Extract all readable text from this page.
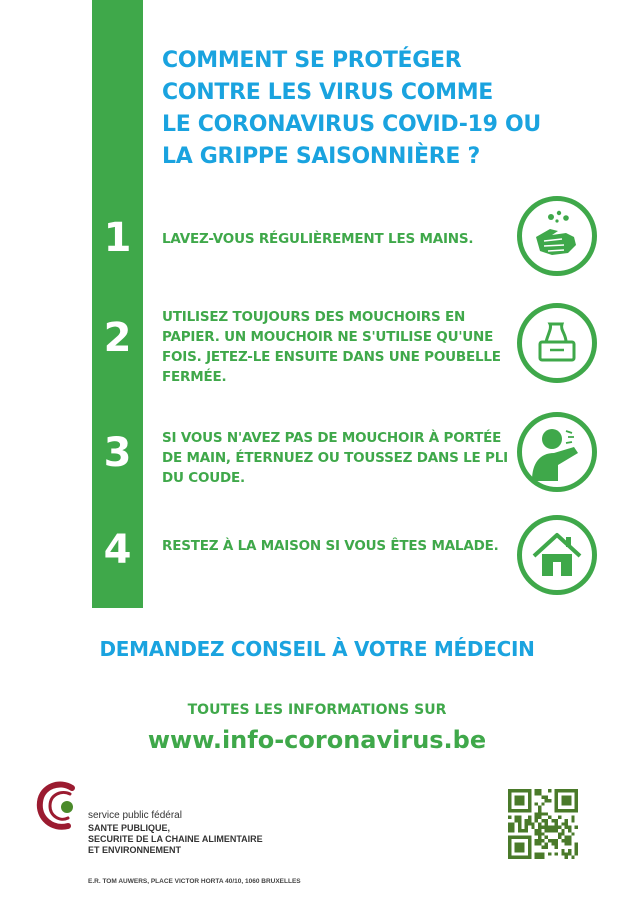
COMMENT SE PROTÉGER
CONTRE LES VIRUS COMME
LE CORONAVIRUS COVID-19 OU
LA GRIPPE SAISONNIÈRE ?
1	LAVEZ-VOUS RÉGULIÈREMENT LES MAINS.
2	UTILISEZ TOUJOURS DES MOUCHOIRS EN
PAPIER. UN MOUCHOIR NE S'UTILISE QU'UNE
FOIS. JETEZ-LE ENSUITE DANS UNE POUBELLE
FERMÉE.
3	SI VOUS N'AVEZ PAS DE MOUCHOIR À PORTÉE
DE MAIN, ÉTERNUEZ OU TOUSSEZ DANS LE PLI
DU COUDE.
4	RESTEZ À LA MAISON SI VOUS ÊTES MALADE.
DEMANDEZ CONSEIL À VOTRE MÉDECIN
TOUTES LES INFORMATIONS SUR
www.info-coronavirus.be
service public fédéral
SANTE PUBLIQUE,
SECURITE DE LA CHAINE ALIMENTAIRE
ET ENVIRONNEMENT
E.R. TOM AUWERS, PLACE VICTOR HORTA 40/10, 1060 BRUXELLES
